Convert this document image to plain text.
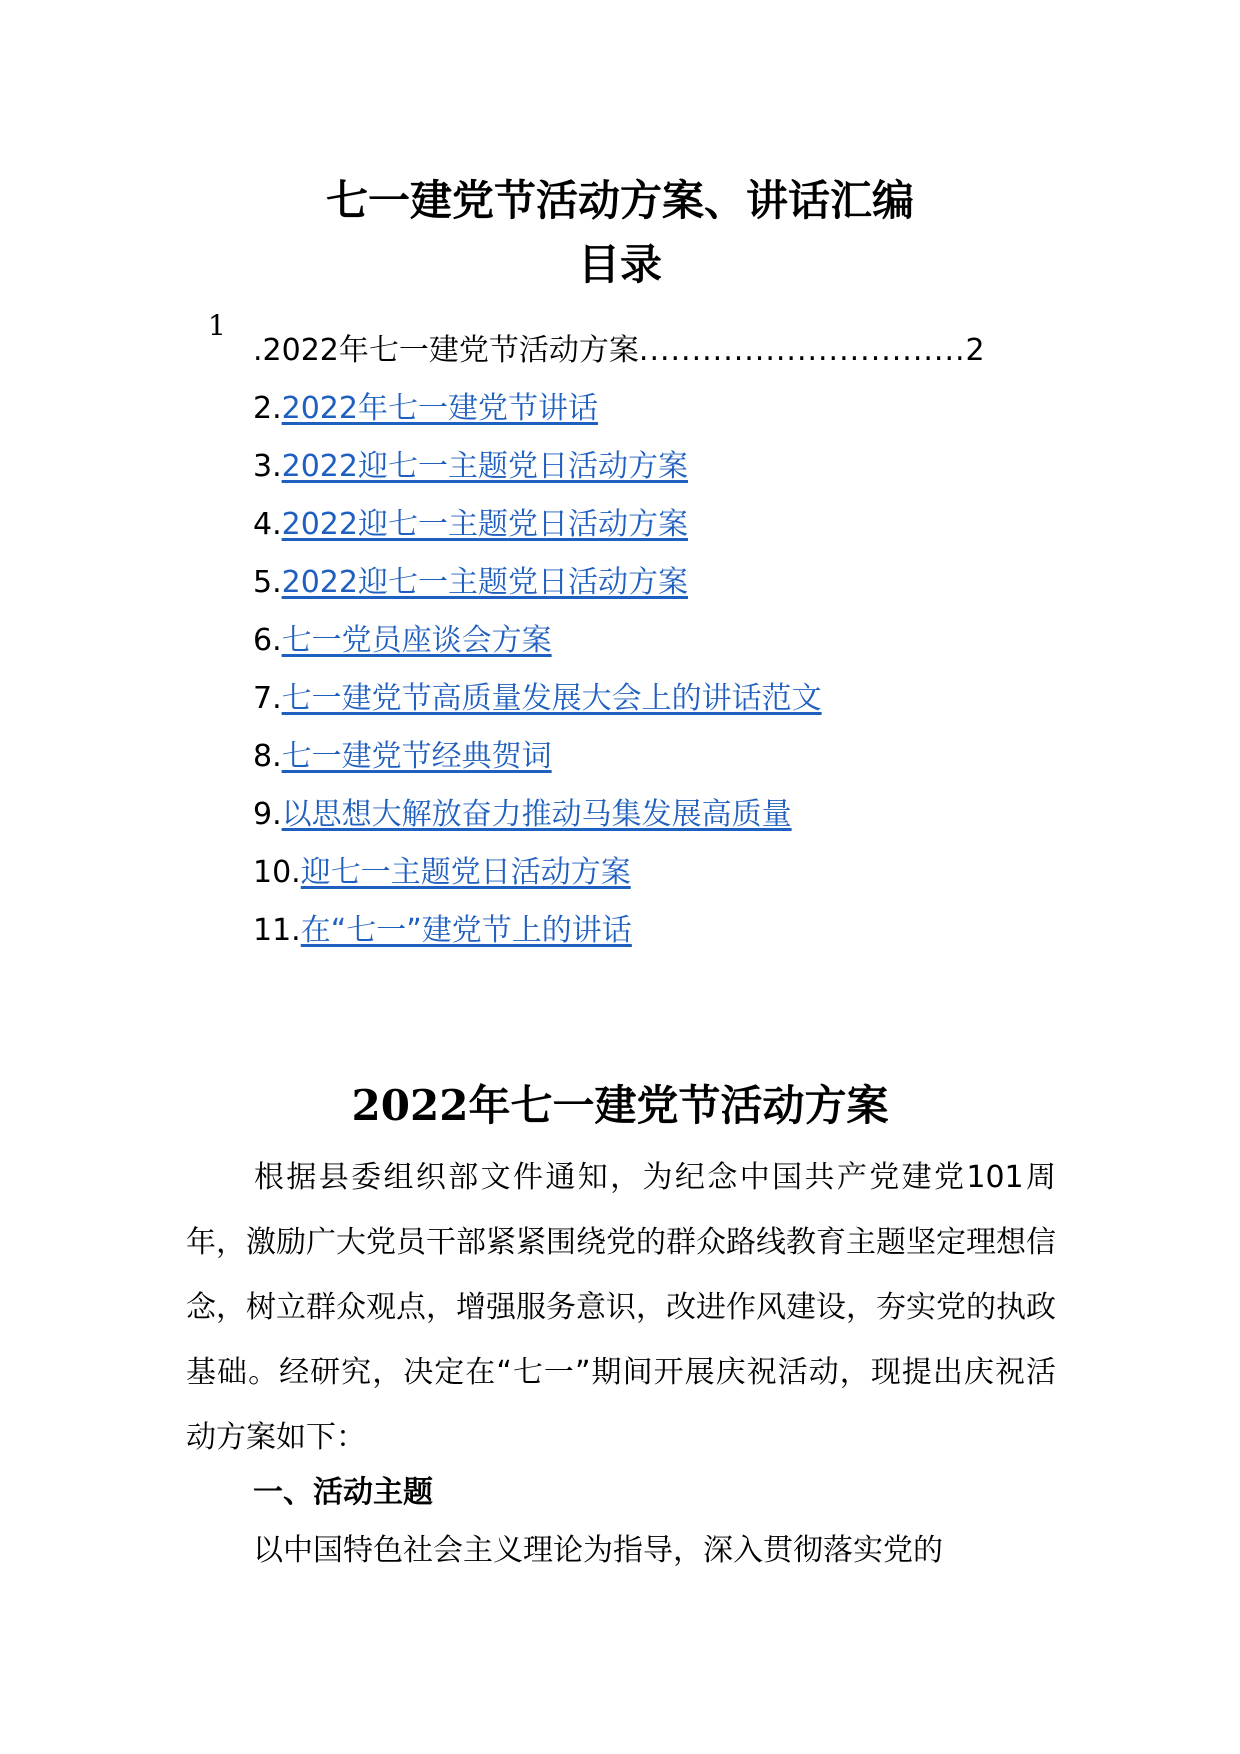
七一建党节活动方案、讲话汇编
目录
1
.2022年七一建党节活动方案...............................2
2.2022年七一建党节讲话
3.2022迎七一主题党日活动方案
4.2022迎七一主题党日活动方案
5.2022迎七一主题党日活动方案
6.七一党员座谈会方案
7.七一建党节高质量发展大会上的讲话范文
8.七一建党节经典贺词
9.以思想大解放奋力推动马集发展高质量
10.迎七一主题党日活动方案
11.在“七一”建党节上的讲话
2022年七一建党节活动方案

根据县委组织部文件通知，为纪念中国共产党建党101周年，激励广大党员干部紧紧围绕党的群众路线教育主题坚定理想信念，树立群众观点，增强服务意识，改进作风建设，夯实党的执政基础。经研究，决定在“七一”期间开展庆祝活动，现提出庆祝活动方案如下：

一、活动主题

以中国特色社会主义理论为指导，深入贯彻落实党的
